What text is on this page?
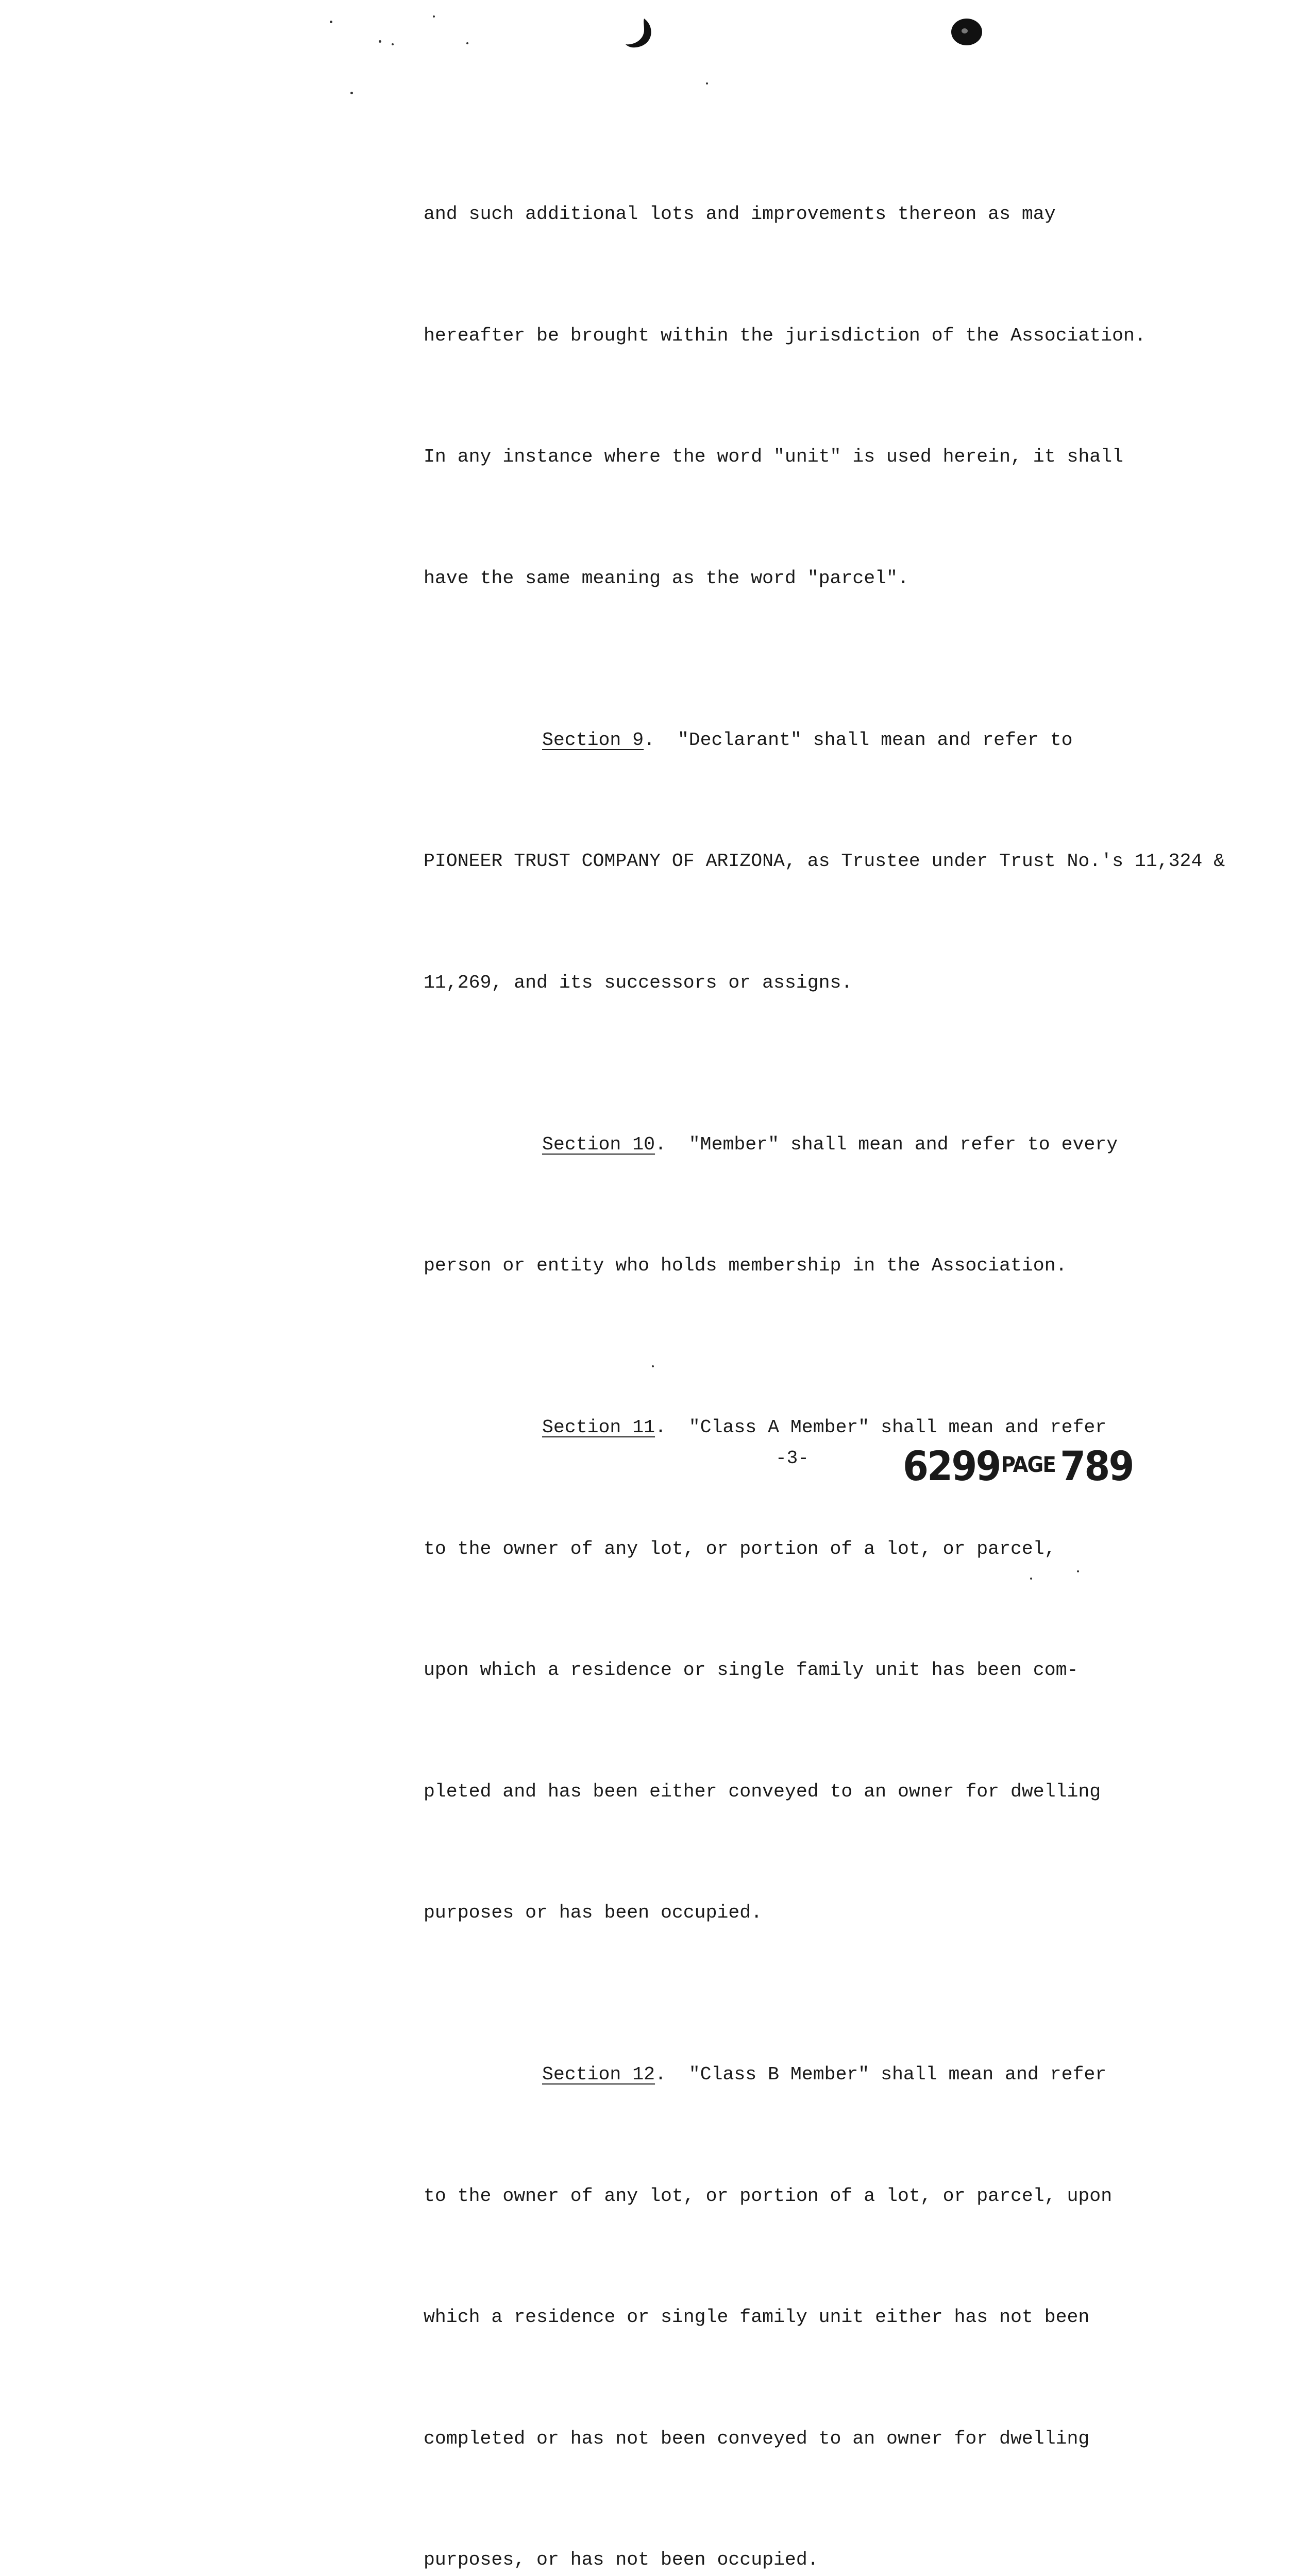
and such additional lots and improvements thereon as may

hereafter be brought within the jurisdiction of the Association.

In any instance where the word "unit" is used herein, it shall

have the same meaning as the word "parcel".

Section 9.  "Declarant" shall mean and refer to

PIONEER TRUST COMPANY OF ARIZONA, as Trustee under Trust No.'s 11,324 &

11,269, and its successors or assigns.

Section 10.  "Member" shall mean and refer to every

person or entity who holds membership in the Association.

Section 11.  "Class A Member" shall mean and refer

to the owner of any lot, or portion of a lot, or parcel,

upon which a residence or single family unit has been com-

pleted and has been either conveyed to an owner for dwelling

purposes or has been occupied.

Section 12.  "Class B Member" shall mean and refer

to the owner of any lot, or portion of a lot, or parcel, upon

which a residence or single family unit either has not been

completed or has not been conveyed to an owner for dwelling

purposes, or has not been occupied.

-3- $6299^{PAGE}$ 789
